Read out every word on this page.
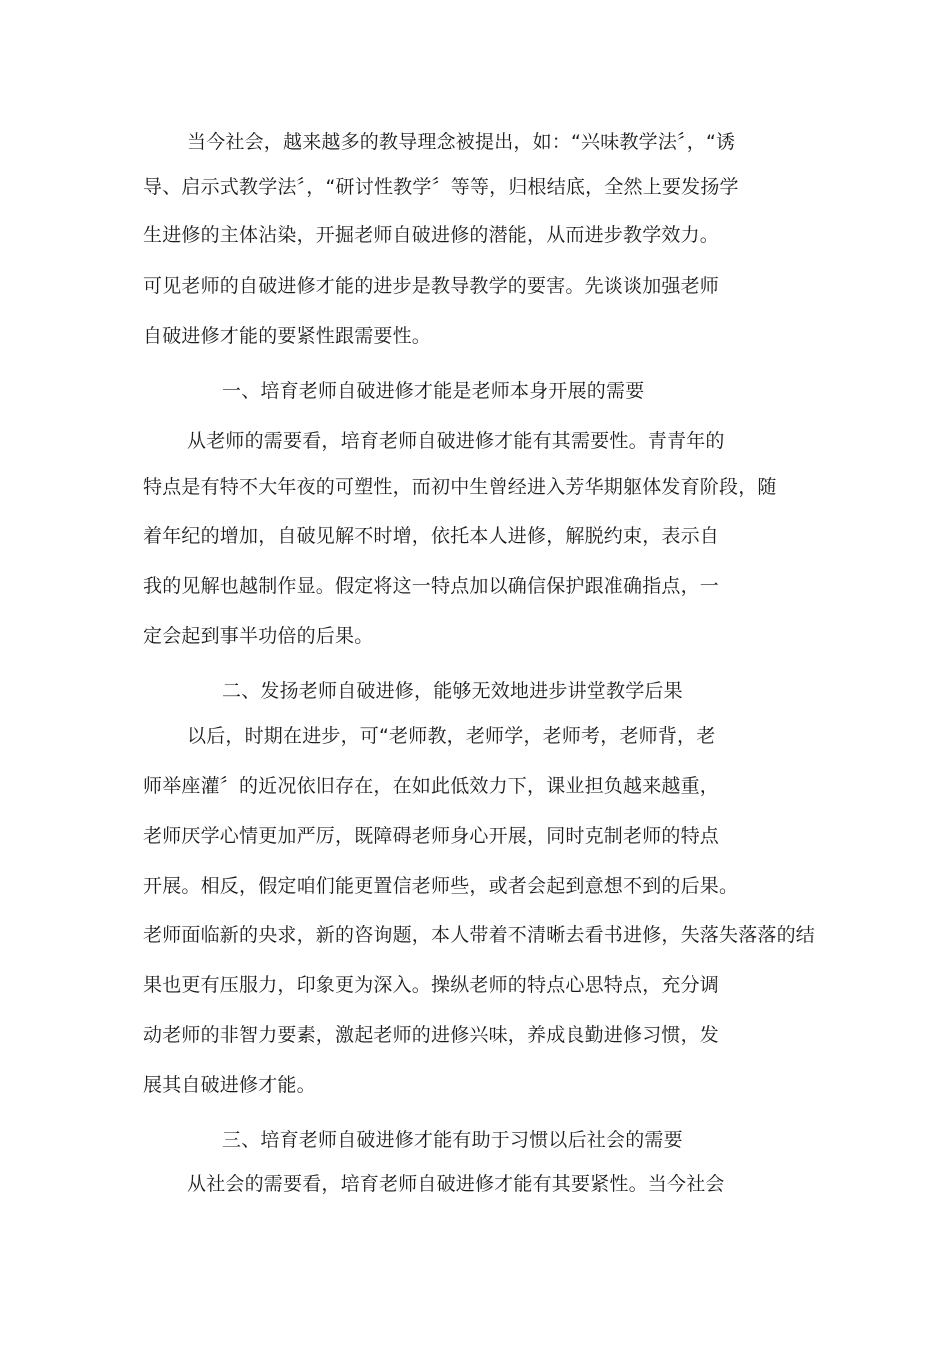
当今社会，越来越多的教导理念被提出，如：“兴味教学法〞，“诱
导、启示式教学法〞，“研讨性教学〞等等，归根结底，全然上要发扬学
生进修的主体沾染，开掘老师自破进修的潜能，从而进步教学效力。
可见老师的自破进修才能的进步是教导教学的要害。先谈谈加强老师
自破进修才能的要紧性跟需要性。
一、培育老师自破进修才能是老师本身开展的需要
从老师的需要看，培育老师自破进修才能有其需要性。青青年的
特点是有特不大年夜的可塑性，而初中生曾经进入芳华期躯体发育阶段，随
着年纪的增加，自破见解不时增，依托本人进修，解脱约束，表示自
我的见解也越制作显。假定将这一特点加以确信保护跟准确指点，一
定会起到事半功倍的后果。
二、发扬老师自破进修，能够无效地进步讲堂教学后果
以后，时期在进步，可“老师教，老师学，老师考，老师背，老
师举座灌〞的近况依旧存在，在如此低效力下，课业担负越来越重，
老师厌学心情更加严厉，既障碍老师身心开展，同时克制老师的特点
开展。相反，假定咱们能更置信老师些，或者会起到意想不到的后果。
老师面临新的央求，新的咨询题，本人带着不清晰去看书进修，失落失落落的结
果也更有压服力，印象更为深入。操纵老师的特点心思特点，充分调
动老师的非智力要素，激起老师的进修兴味，养成良勤进修习惯，发
展其自破进修才能。
三、培育老师自破进修才能有助于习惯以后社会的需要
从社会的需要看，培育老师自破进修才能有其要紧性。当今社会
